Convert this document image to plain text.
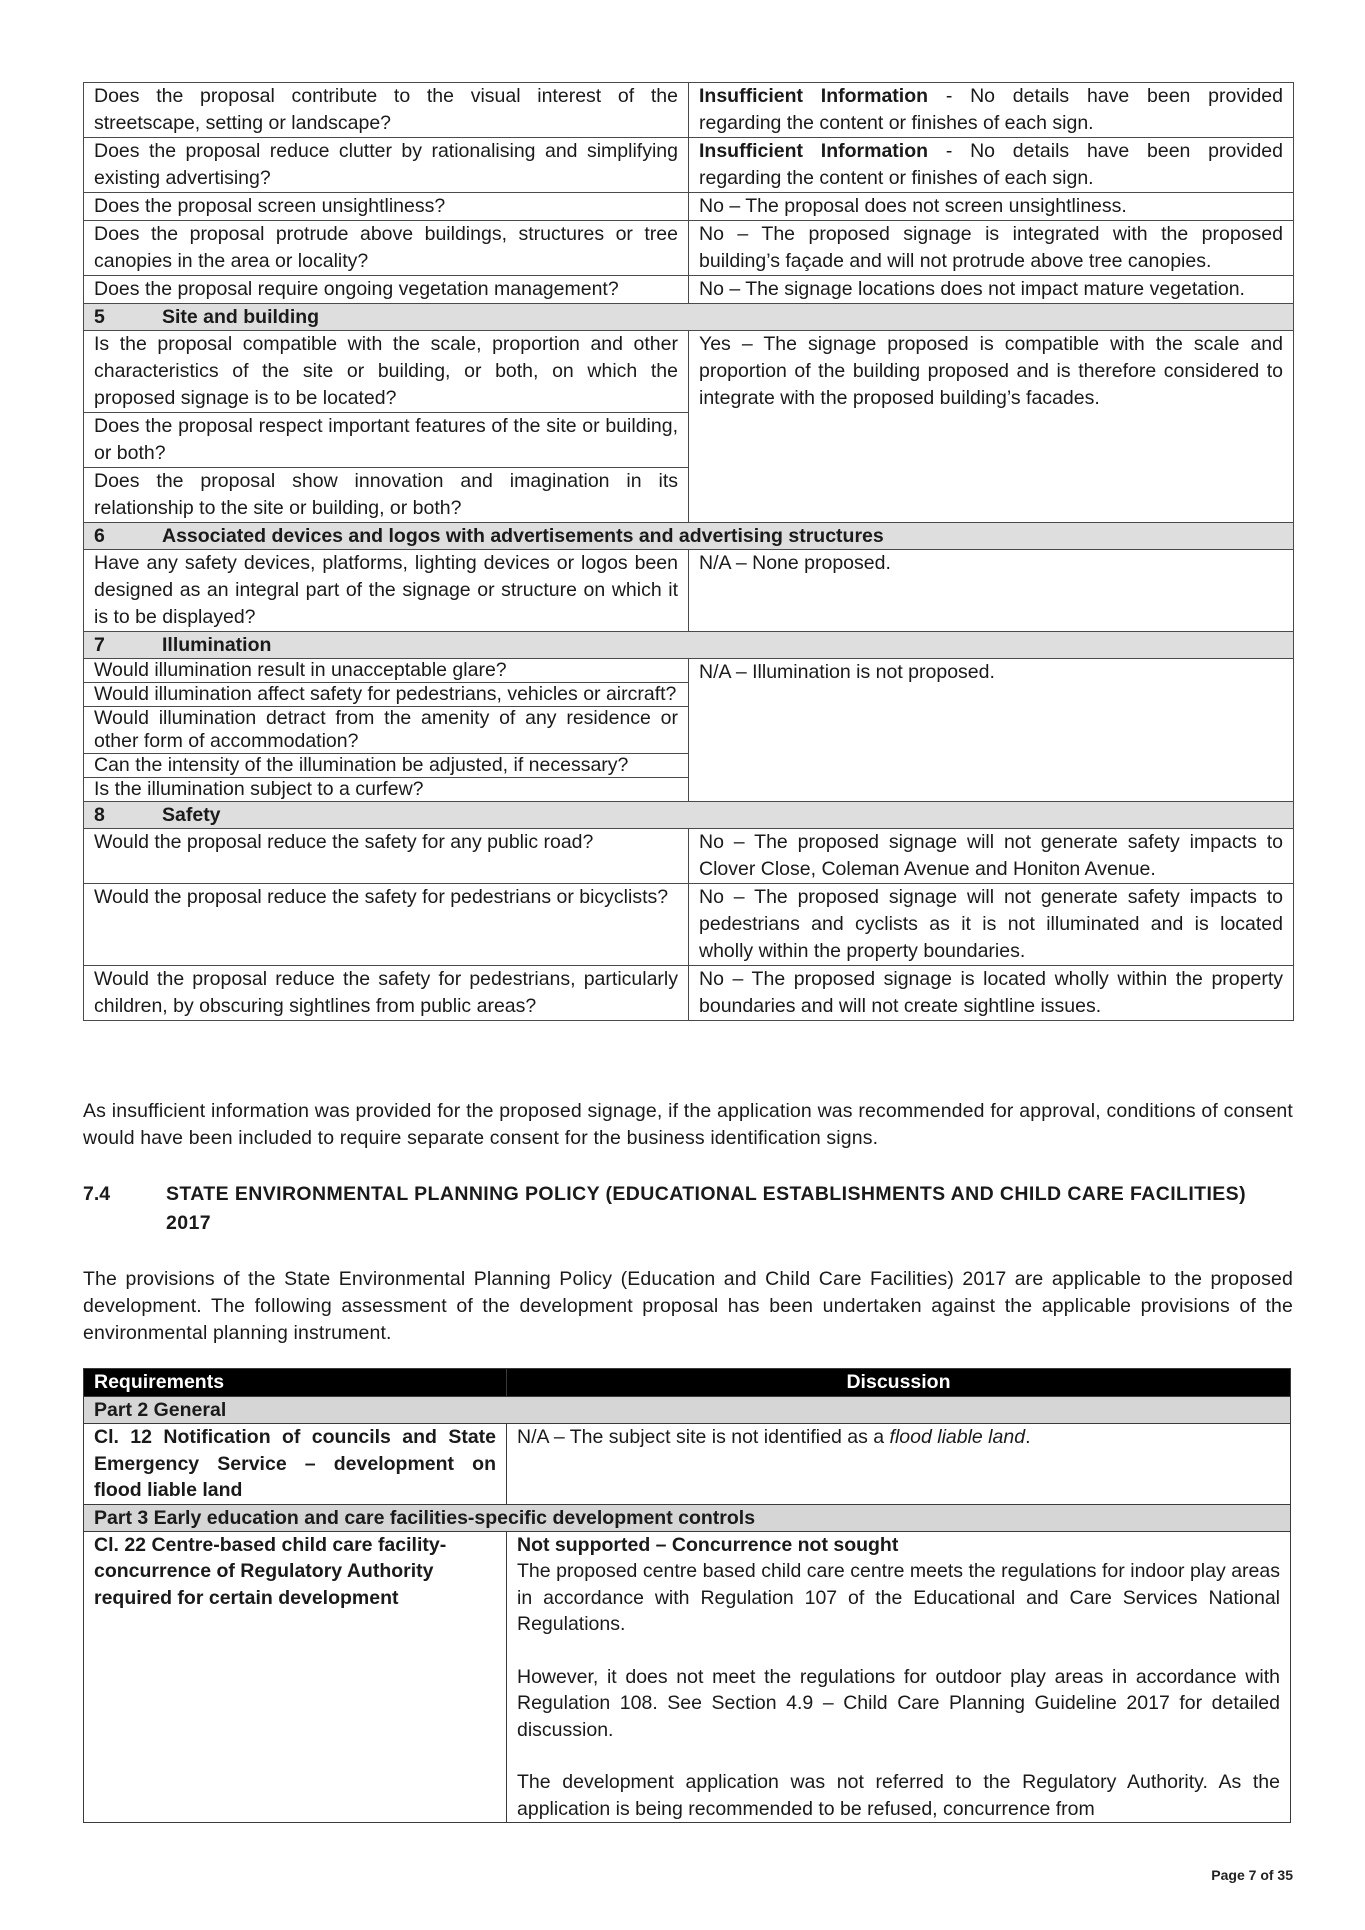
Does the proposal contribute to the visual interest of the streetscape, setting or landscape?	Insufficient Information - No details have been provided regarding the content or finishes of each sign.
Does the proposal reduce clutter by rationalising and simplifying existing advertising?	Insufficient Information - No details have been provided regarding the content or finishes of each sign.
Does the proposal screen unsightliness?	No – The proposal does not screen unsightliness.
Does the proposal protrude above buildings, structures or tree canopies in the area or locality?	No – The proposed signage is integrated with the proposed building’s façade and will not protrude above tree canopies.
Does the proposal require ongoing vegetation management?	No – The signage locations does not impact mature vegetation.
5 Site and building	
Is the proposal compatible with the scale, proportion and other characteristics of the site or building, or both, on which the proposed signage is to be located?	Yes – The signage proposed is compatible with the scale and proportion of the building proposed and is therefore considered to integrate with the proposed building’s facades.
Does the proposal respect important features of the site or building, or both?	
Does the proposal show innovation and imagination in its relationship to the site or building, or both?	
6 Associated devices and logos with advertisements and advertising structures	
Have any safety devices, platforms, lighting devices or logos been designed as an integral part of the signage or structure on which it is to be displayed?	N/A – None proposed.
7 Illumination	
Would illumination result in unacceptable glare?	N/A – Illumination is not proposed.
Would illumination affect safety for pedestrians, vehicles or aircraft?	
Would illumination detract from the amenity of any residence or other form of accommodation?	
Can the intensity of the illumination be adjusted, if necessary?	
Is the illumination subject to a curfew?	
8 Safety	
Would the proposal reduce the safety for any public road?	No – The proposed signage will not generate safety impacts to Clover Close, Coleman Avenue and Honiton Avenue.
Would the proposal reduce the safety for pedestrians or bicyclists?	No – The proposed signage will not generate safety impacts to pedestrians and cyclists as it is not illuminated and is located wholly within the property boundaries.
Would the proposal reduce the safety for pedestrians, particularly children, by obscuring sightlines from public areas?	No – The proposed signage is located wholly within the property boundaries and will not create sightline issues.
As insufficient information was provided for the proposed signage, if the application was recommended for approval, conditions of consent would have been included to require separate consent for the business identification signs.
7.4	STATE ENVIRONMENTAL PLANNING POLICY (EDUCATIONAL ESTABLISHMENTS AND CHILD CARE FACILITIES) 2017
The provisions of the State Environmental Planning Policy (Education and Child Care Facilities) 2017 are applicable to the proposed development. The following assessment of the development proposal has been undertaken against the applicable provisions of the environmental planning instrument.
Requirements	Discussion
Part 2 General	
Cl. 12 Notification of councils and State Emergency Service – development on flood liable land	N/A – The subject site is not identified as a flood liable land.
Part 3 Early education and care facilities-specific development controls	
Cl. 22 Centre-based child care facility-concurrence of Regulatory Authority required for certain development	Not supported – Concurrence not sought
The proposed centre based child care centre meets the regulations for indoor play areas in accordance with Regulation 107 of the Educational and Care Services National Regulations.
However, it does not meet the regulations for outdoor play areas in accordance with Regulation 108. See Section 4.9 – Child Care Planning Guideline 2017 for detailed discussion.
The development application was not referred to the Regulatory Authority. As the application is being recommended to be refused, concurrence from
Page 7 of 35
